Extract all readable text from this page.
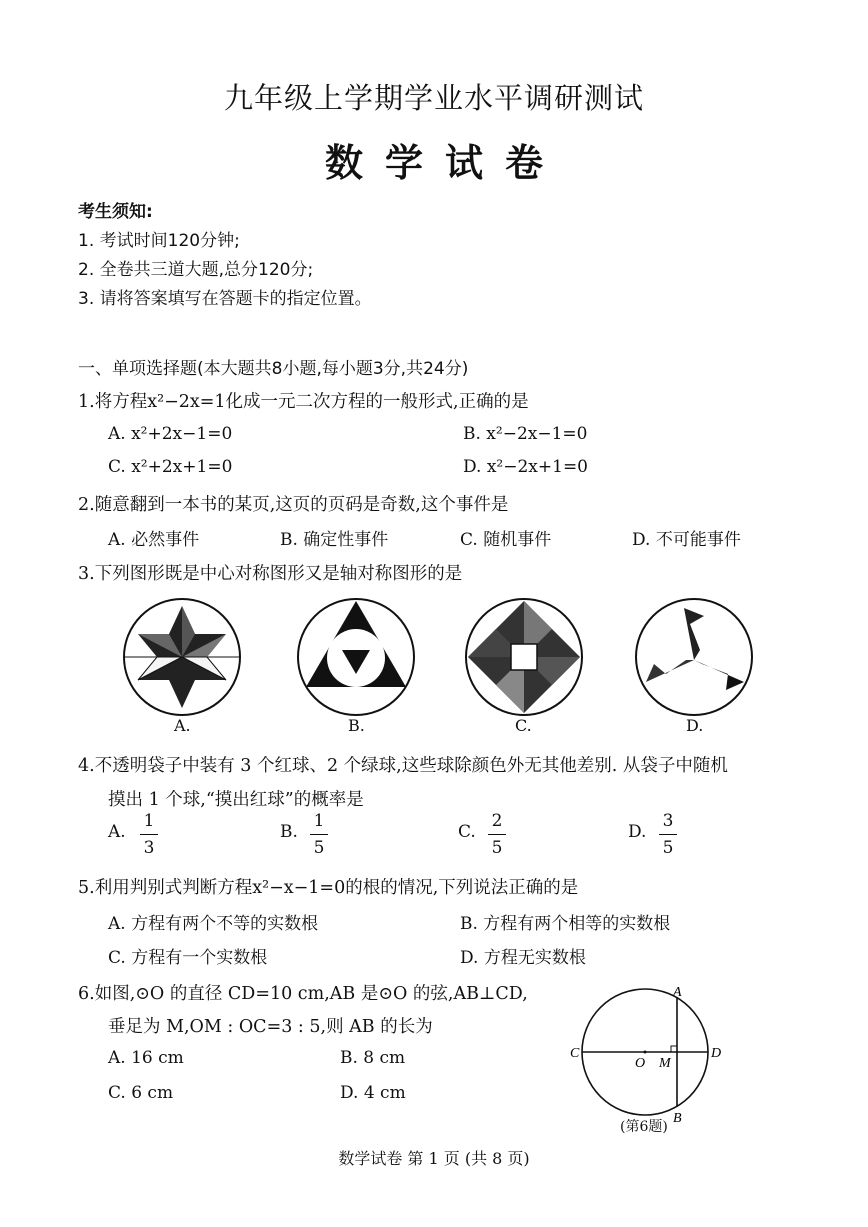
九年级上学期学业水平调研测试
数学试卷
考生须知:
1. 考试时间120分钟;
2. 全卷共三道大题,总分120分;
3. 请将答案填写在答题卡的指定位置。
一、单项选择题(本大题共8小题,每小题3分,共24分)
1.将方程x²−2x=1化成一元二次方程的一般形式,正确的是
A. x²+2x−1=0	B. x²−2x−1=0
C. x²+2x+1=0	D. x²−2x+1=0
2.随意翻到一本书的某页,这页的页码是奇数,这个事件是
A. 必然事件	B. 确定性事件	C. 随机事件	D. 不可能事件
3.下列图形既是中心对称图形又是轴对称图形的是
A.	B.	C.	D.
4.不透明袋子中装有 3 个红球、2 个绿球,这些球除颜色外无其他差别. 从袋子中随机
摸出 1 个球,“摸出红球”的概率是
A.
1
3
B.
1
5
C.
2
5
D.
3
5
5.利用判别式判断方程x²−x−1=0的根的情况,下列说法正确的是
A. 方程有两个不等的实数根	B. 方程有两个相等的实数根
C. 方程有一个实数根	D. 方程无实数根
6.如图,⊙O 的直径 CD=10 cm,AB 是⊙O 的弦,AB⊥CD,
垂足为 M,OM : OC=3 : 5,则 AB 的长为
A. 16 cm	B. 8 cm
C. 6 cm	D. 4 cm
A
B
C	D
O M
(第6题)
数学试卷 第 1 页 (共 8 页)
